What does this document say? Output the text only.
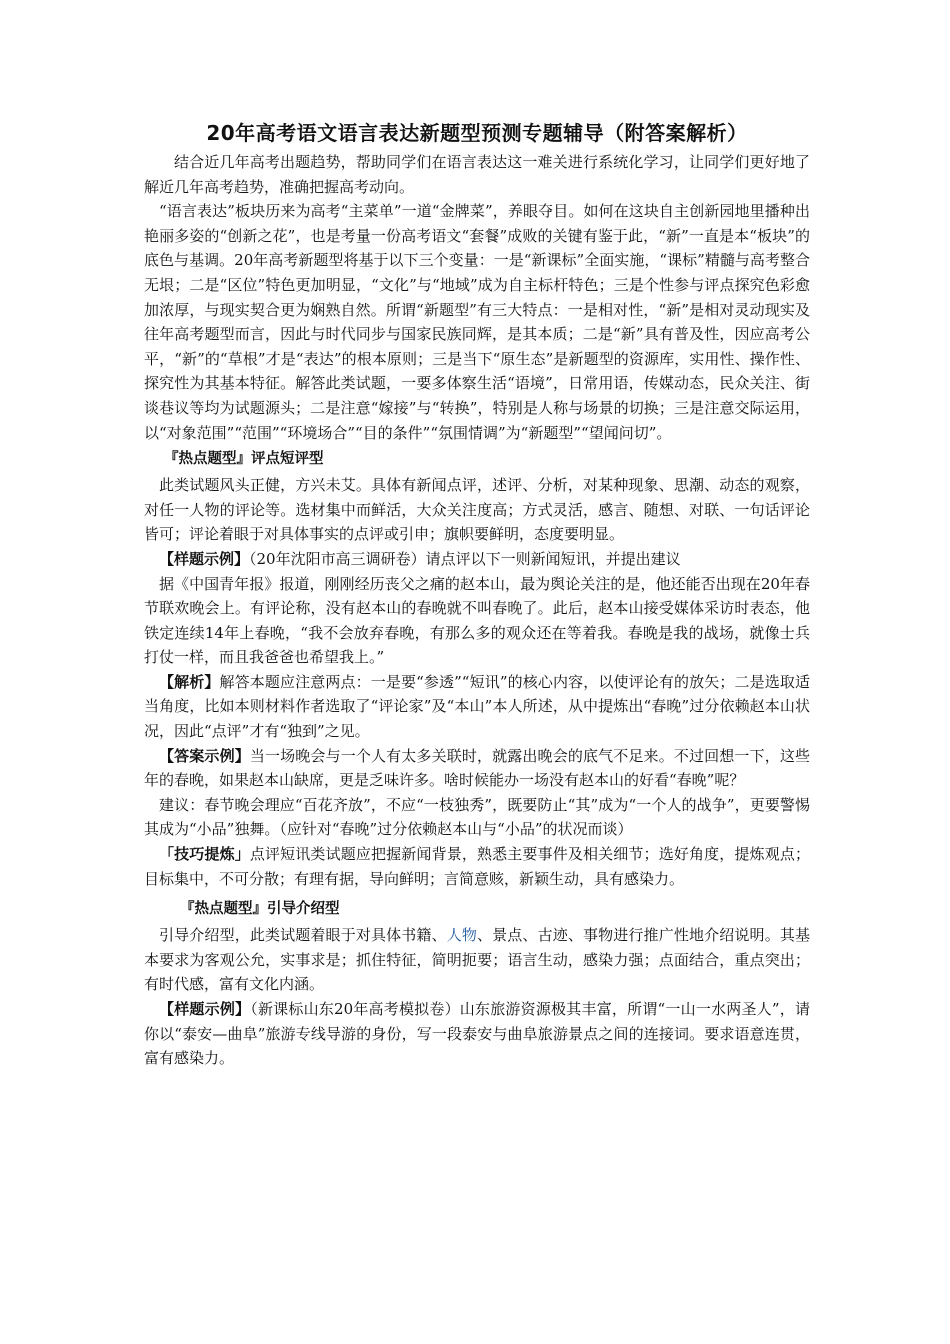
20年高考语文语言表达新题型预测专题辅导（附答案解析）

结合近几年高考出题趋势，帮助同学们在语言表达这一难关进行系统化学习，让同学们更好地了解近几年高考趋势，准确把握高考动向。

“语言表达”板块历来为高考“主菜单”一道“金牌菜”，养眼夺目。如何在这块自主创新园地里播种出艳丽多姿的“创新之花”，也是考量一份高考语文“套餐”成败的关键有鉴于此，“新”一直是本“板块”的底色与基调。20年高考新题型将基于以下三个变量：一是“新课标”全面实施，“课标”精髓与高考整合无垠；二是“区位”特色更加明显，“文化”与“地域”成为自主标杆特色；三是个性参与评点探究色彩愈加浓厚，与现实契合更为娴熟自然。所谓“新题型”有三大特点：一是相对性，“新”是相对灵动现实及往年高考题型而言，因此与时代同步与国家民族同辉，是其本质；二是“新”具有普及性，因应高考公平，“新”的“草根”才是“表达”的根本原则；三是当下“原生态”是新题型的资源库，实用性、操作性、探究性为其基本特征。解答此类试题，一要多体察生活“语境”，日常用语，传媒动态，民众关注、街谈巷议等均为试题源头；二是注意“嫁接”与“转换”，特别是人称与场景的切换；三是注意交际运用，以“对象范围”“范围”“环境场合”“目的条件”“氛围情调”为“新题型”“望闻问切”。

『热点题型』评点短评型

此类试题风头正健，方兴未艾。具体有新闻点评，述评、分析，对某种现象、思潮、动态的观察，对任一人物的评论等。选材集中而鲜活，大众关注度高；方式灵活，感言、随想、对联、一句话评论皆可；评论着眼于对具体事实的点评或引申；旗帜要鲜明，态度要明显。

【样题示例】（20年沈阳市高三调研卷）请点评以下一则新闻短讯，并提出建议

据《中国青年报》报道，刚刚经历丧父之痛的赵本山，最为舆论关注的是，他还能否出现在20年春节联欢晚会上。有评论称，没有赵本山的春晚就不叫春晚了。此后，赵本山接受媒体采访时表态，他铁定连续14年上春晚，“我不会放弃春晚，有那么多的观众还在等着我。春晚是我的战场，就像士兵打仗一样，而且我爸爸也希望我上。”

【解析】解答本题应注意两点：一是要“参透”“短讯”的核心内容，以使评论有的放矢；二是选取适当角度，比如本则材料作者选取了“评论家”及“本山”本人所述，从中提炼出“春晚”过分依赖赵本山状况，因此“点评”才有“独到”之见。

【答案示例】当一场晚会与一个人有太多关联时，就露出晚会的底气不足来。不过回想一下，这些年的春晚，如果赵本山缺席，更是乏味许多。啥时候能办一场没有赵本山的好看“春晚”呢？

建议：春节晚会理应“百花齐放”，不应“一枝独秀”，既要防止“其”成为“一个人的战争”，更要警惕其成为“小品”独舞。（应针对“春晚”过分依赖赵本山与“小品”的状况而谈）

「技巧提炼」点评短讯类试题应把握新闻背景，熟悉主要事件及相关细节；选好角度，提炼观点；目标集中，不可分散；有理有据，导向鲜明；言简意赅，新颖生动，具有感染力。

『热点题型』引导介绍型

引导介绍型，此类试题着眼于对具体书籍、人物、景点、古迹、事物进行推广性地介绍说明。其基本要求为客观公允，实事求是；抓住特征，简明扼要；语言生动，感染力强；点面结合，重点突出；有时代感，富有文化内涵。

【样题示例】（新课标山东20年高考模拟卷）山东旅游资源极其丰富，所谓“一山一水两圣人”，请你以“泰安—曲阜”旅游专线导游的身份，写一段泰安与曲阜旅游景点之间的连接词。要求语意连贯，富有感染力。
